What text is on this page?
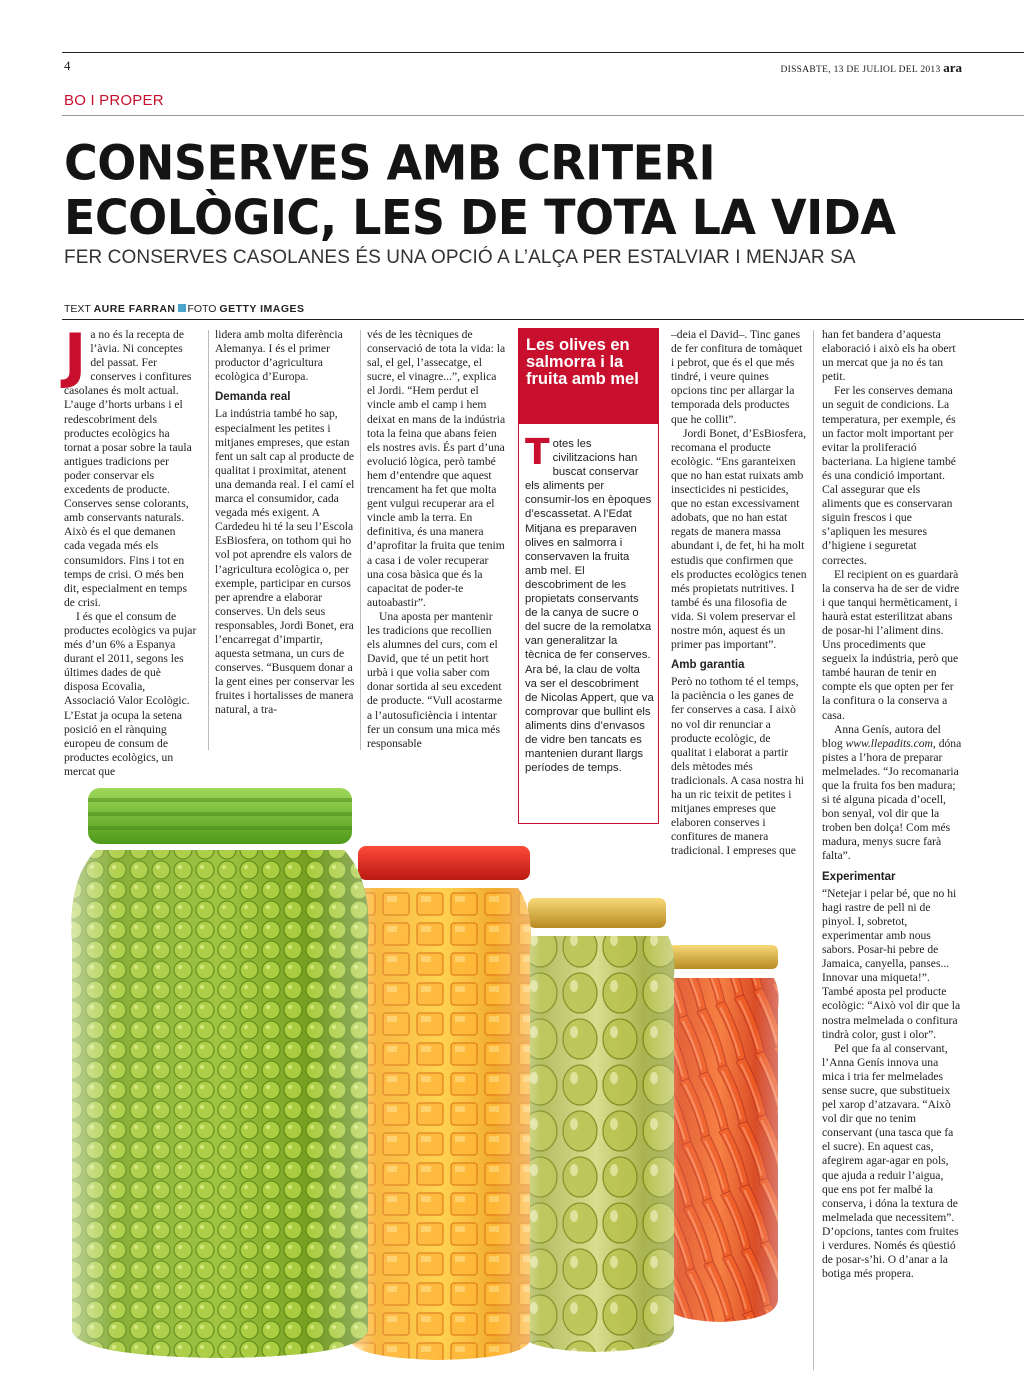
4	DISSABTE, 13 DE JULIOL DEL 2013 ara
BO I PROPER
CONSERVES AMB CRITERI
ECOLÒGIC, LES DE TOTA LA VIDA
FER CONSERVES CASOLANES ÉS UNA OPCIÓ A L’ALÇA PER ESTALVIAR I MENJAR SA
TEXT AURE FARRAN FOTO GETTY IMAGES

Ja no és la recepta de l’àvia. Ni conceptes del passat. Fer conserves i confitures casolanes és molt actual. L’auge d’horts urbans i el redescobriment dels productes ecològics ha tornat a posar sobre la taula antigues tradicions per poder conservar els excedents de producte. Conserves sense colorants, amb conservants naturals. Això és el que demanen cada vegada més els consumidors. Fins i tot en temps de crisi. O més ben dit, especialment en temps de crisi.

I és que el consum de productes ecològics va pujar més d’un 6% a Espanya durant el 2011, segons les últimes dades de què disposa Ecovalia, Associació Valor Ecològic. L’Estat ja ocupa la setena posició en el rànquing europeu de consum de productes ecològics, un mercat que

lidera amb molta diferència Alemanya. I és el primer productor d’agricultura ecològica d’Europa.

Demanda real

La indústria també ho sap, especialment les petites i mitjanes empreses, que estan fent un salt cap al producte de qualitat i proximitat, atenent una demanda real. I el camí el marca el consumidor, cada vegada més exigent. A Cardedeu hi té la seu l’Escola EsBiosfera, on tothom qui ho vol pot aprendre els valors de l’agricultura ecològica o, per exemple, participar en cursos per aprendre a elaborar conserves. Un dels seus responsables, Jordi Bonet, era l’encarregat d’impartir, aquesta setmana, un curs de conserves. “Busquem donar a la gent eines per conservar les fruites i hortalisses de manera natural, a tra-

vés de les tècniques de conservació de tota la vida: la sal, el gel, l’assecatge, el sucre, el vinagre...”, explica el Jordi. “Hem perdut el vincle amb el camp i hem deixat en mans de la indústria tota la feina que abans feien els nostres avis. És part d’una evolució lògica, però també hem d’entendre que aquest trencament ha fet que molta gent vulgui recuperar ara el vincle amb la terra. En definitiva, és una manera d’aprofitar la fruita que tenim a casa i de voler recuperar una cosa bàsica que és la capacitat de poder-te autoabastir”.

Una aposta per mantenir les tradicions que recollien els alumnes del curs, com el David, que té un petit hort urbà i que volia saber com donar sortida al seu excedent de producte. “Vull acostarme a l’autosuficiència i intentar fer un consum una mica més responsable

Les olives en salmorra i la fruita amb mel
Totes les civilitzacions han buscat conservar els aliments per consumir-los en èpoques d’escassetat. A l’Edat Mitjana es preparaven olives en salmorra i conservaven la fruita amb mel. El descobriment de les propietats conservants de la canya de sucre o del sucre de la remolatxa van generalitzar la tècnica de fer conserves. Ara bé, la clau de volta va ser el descobriment de Nicolas Appert, que va comprovar que bullint els aliments dins d’envasos de vidre ben tancats es mantenien durant llargs períodes de temps.

–deia el David–. Tinc ganes de fer confitura de tomàquet i pebrot, que és el que més tindré, i veure quines opcions tinc per allargar la temporada dels productes que he collit”.

Jordi Bonet, d’EsBiosfera, recomana el producte ecològic. “Ens garanteixen que no han estat ruixats amb insecticides ni pesticides, que no estan excessivament adobats, que no han estat regats de manera massa abundant i, de fet, hi ha molt estudis que confirmen que els productes ecològics tenen més propietats nutritives. I també és una filosofia de vida. Si volem preservar el nostre món, aquest és un primer pas important”.

Amb garantia

Però no tothom té el temps, la paciència o les ganes de fer conserves a casa. I això no vol dir renunciar a producte ecològic, de qualitat i elaborat a partir dels mètodes més tradicionals. A casa nostra hi ha un ric teixit de petites i mitjanes empreses que elaboren conserves i confitures de manera tradicional. I empreses que

han fet bandera d’aquesta elaboració i això els ha obert un mercat que ja no és tan petit.

Fer les conserves demana un seguit de condicions. La temperatura, per exemple, és un factor molt important per evitar la proliferació bacteriana. La higiene també és una condició important. Cal assegurar que els aliments que es conservaran siguin frescos i que s’apliquen les mesures d’higiene i seguretat correctes.

El recipient on es guardarà la conserva ha de ser de vidre i que tanqui hermèticament, i haurà estat esterilitzat abans de posar-hi l’aliment dins. Uns procediments que segueix la indústria, però que també hauran de tenir en compte els que opten per fer la confitura o la conserva a casa.

Anna Genís, autora del blog www.llepadits.com, dóna pistes a l’hora de preparar melmelades. “Jo recomanaria que la fruita fos ben madura; si té alguna picada d’ocell, bon senyal, vol dir que la troben ben dolça! Com més madura, menys sucre farà falta”.

Experimentar

“Netejar i pelar bé, que no hi hagi rastre de pell ni de pinyol. I, sobretot, experimentar amb nous sabors. Posar-hi pebre de Jamaica, canyella, panses... Innovar una miqueta!”. També aposta pel producte ecològic: “Això vol dir que la nostra melmelada o confitura tindrà color, gust i olor”.

Pel que fa al conservant, l’Anna Genís innova una mica i tria fer melmelades sense sucre, que substitueix pel xarop d’atzavara. “Això vol dir que no tenim conservant (una tasca que fa el sucre). En aquest cas, afegirem agar-agar en pols, que ajuda a reduir l’aigua, que ens pot fer malbé la conserva, i dóna la textura de melmelada que necessitem”. D’opcions, tantes com fruites i verdures. Només és qüestió de posar-s’hi. O d’anar a la botiga més propera.
